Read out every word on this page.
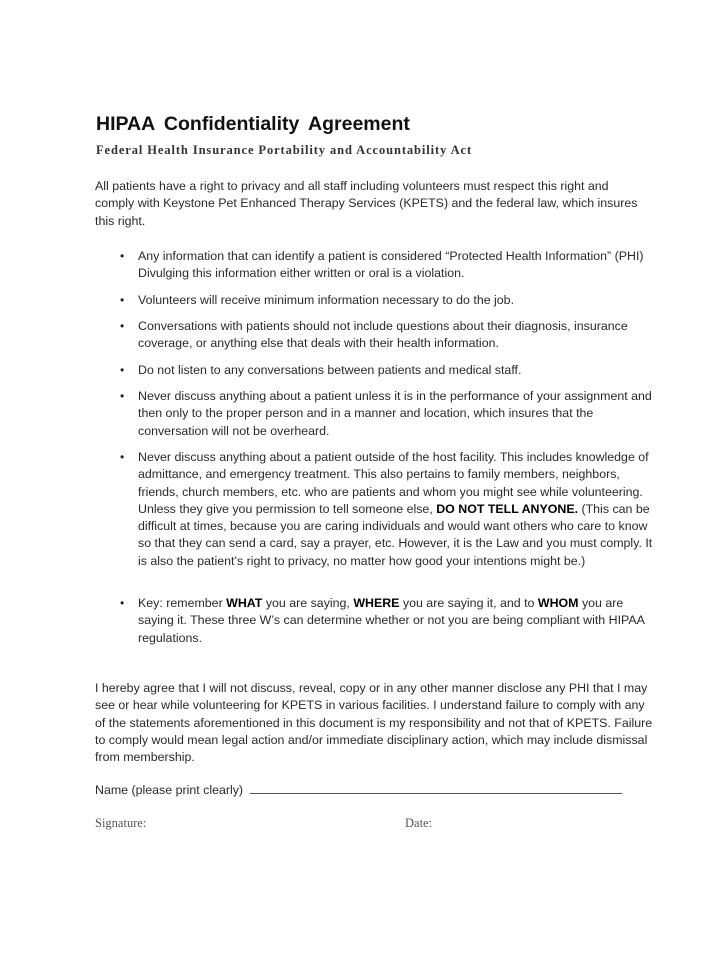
HIPAA Confidentiality Agreement
Federal Health Insurance Portability and Accountability Act
All patients have a right to privacy and all staff including volunteers must respect this right and comply with Keystone Pet Enhanced Therapy Services (KPETS) and the federal law, which insures this right.
• Any information that can identify a patient is considered “Protected Health Information” (PHI) Divulging this information either written or oral is a violation.
• Volunteers will receive minimum information necessary to do the job.
• Conversations with patients should not include questions about their diagnosis, insurance coverage, or anything else that deals with their health information.
• Do not listen to any conversations between patients and medical staff.
• Never discuss anything about a patient unless it is in the performance of your assignment and then only to the proper person and in a manner and location, which insures that the conversation will not be overheard.
• Never discuss anything about a patient outside of the host facility. This includes knowledge of admittance, and emergency treatment. This also pertains to family members, neighbors, friends, church members, etc. who are patients and whom you might see while volunteering. Unless they give you permission to tell someone else, DO NOT TELL ANYONE. (This can be difficult at times, because you are caring individuals and would want others who care to know so that they can send a card, say a prayer, etc. However, it is the Law and you must comply. It is also the patient’s right to privacy, no matter how good your intentions might be.)
• Key: remember WHAT you are saying, WHERE you are saying it, and to WHOM you are saying it. These three W’s can determine whether or not you are being compliant with HIPAA regulations.
I hereby agree that I will not discuss, reveal, copy or in any other manner disclose any PHI that I may see or hear while volunteering for KPETS in various facilities. I understand failure to comply with any of the statements aforementioned in this document is my responsibility and not that of KPETS. Failure to comply would mean legal action and/or immediate disciplinary action, which may include dismissal from membership.
Name (please print clearly)
Signature:	Date:
